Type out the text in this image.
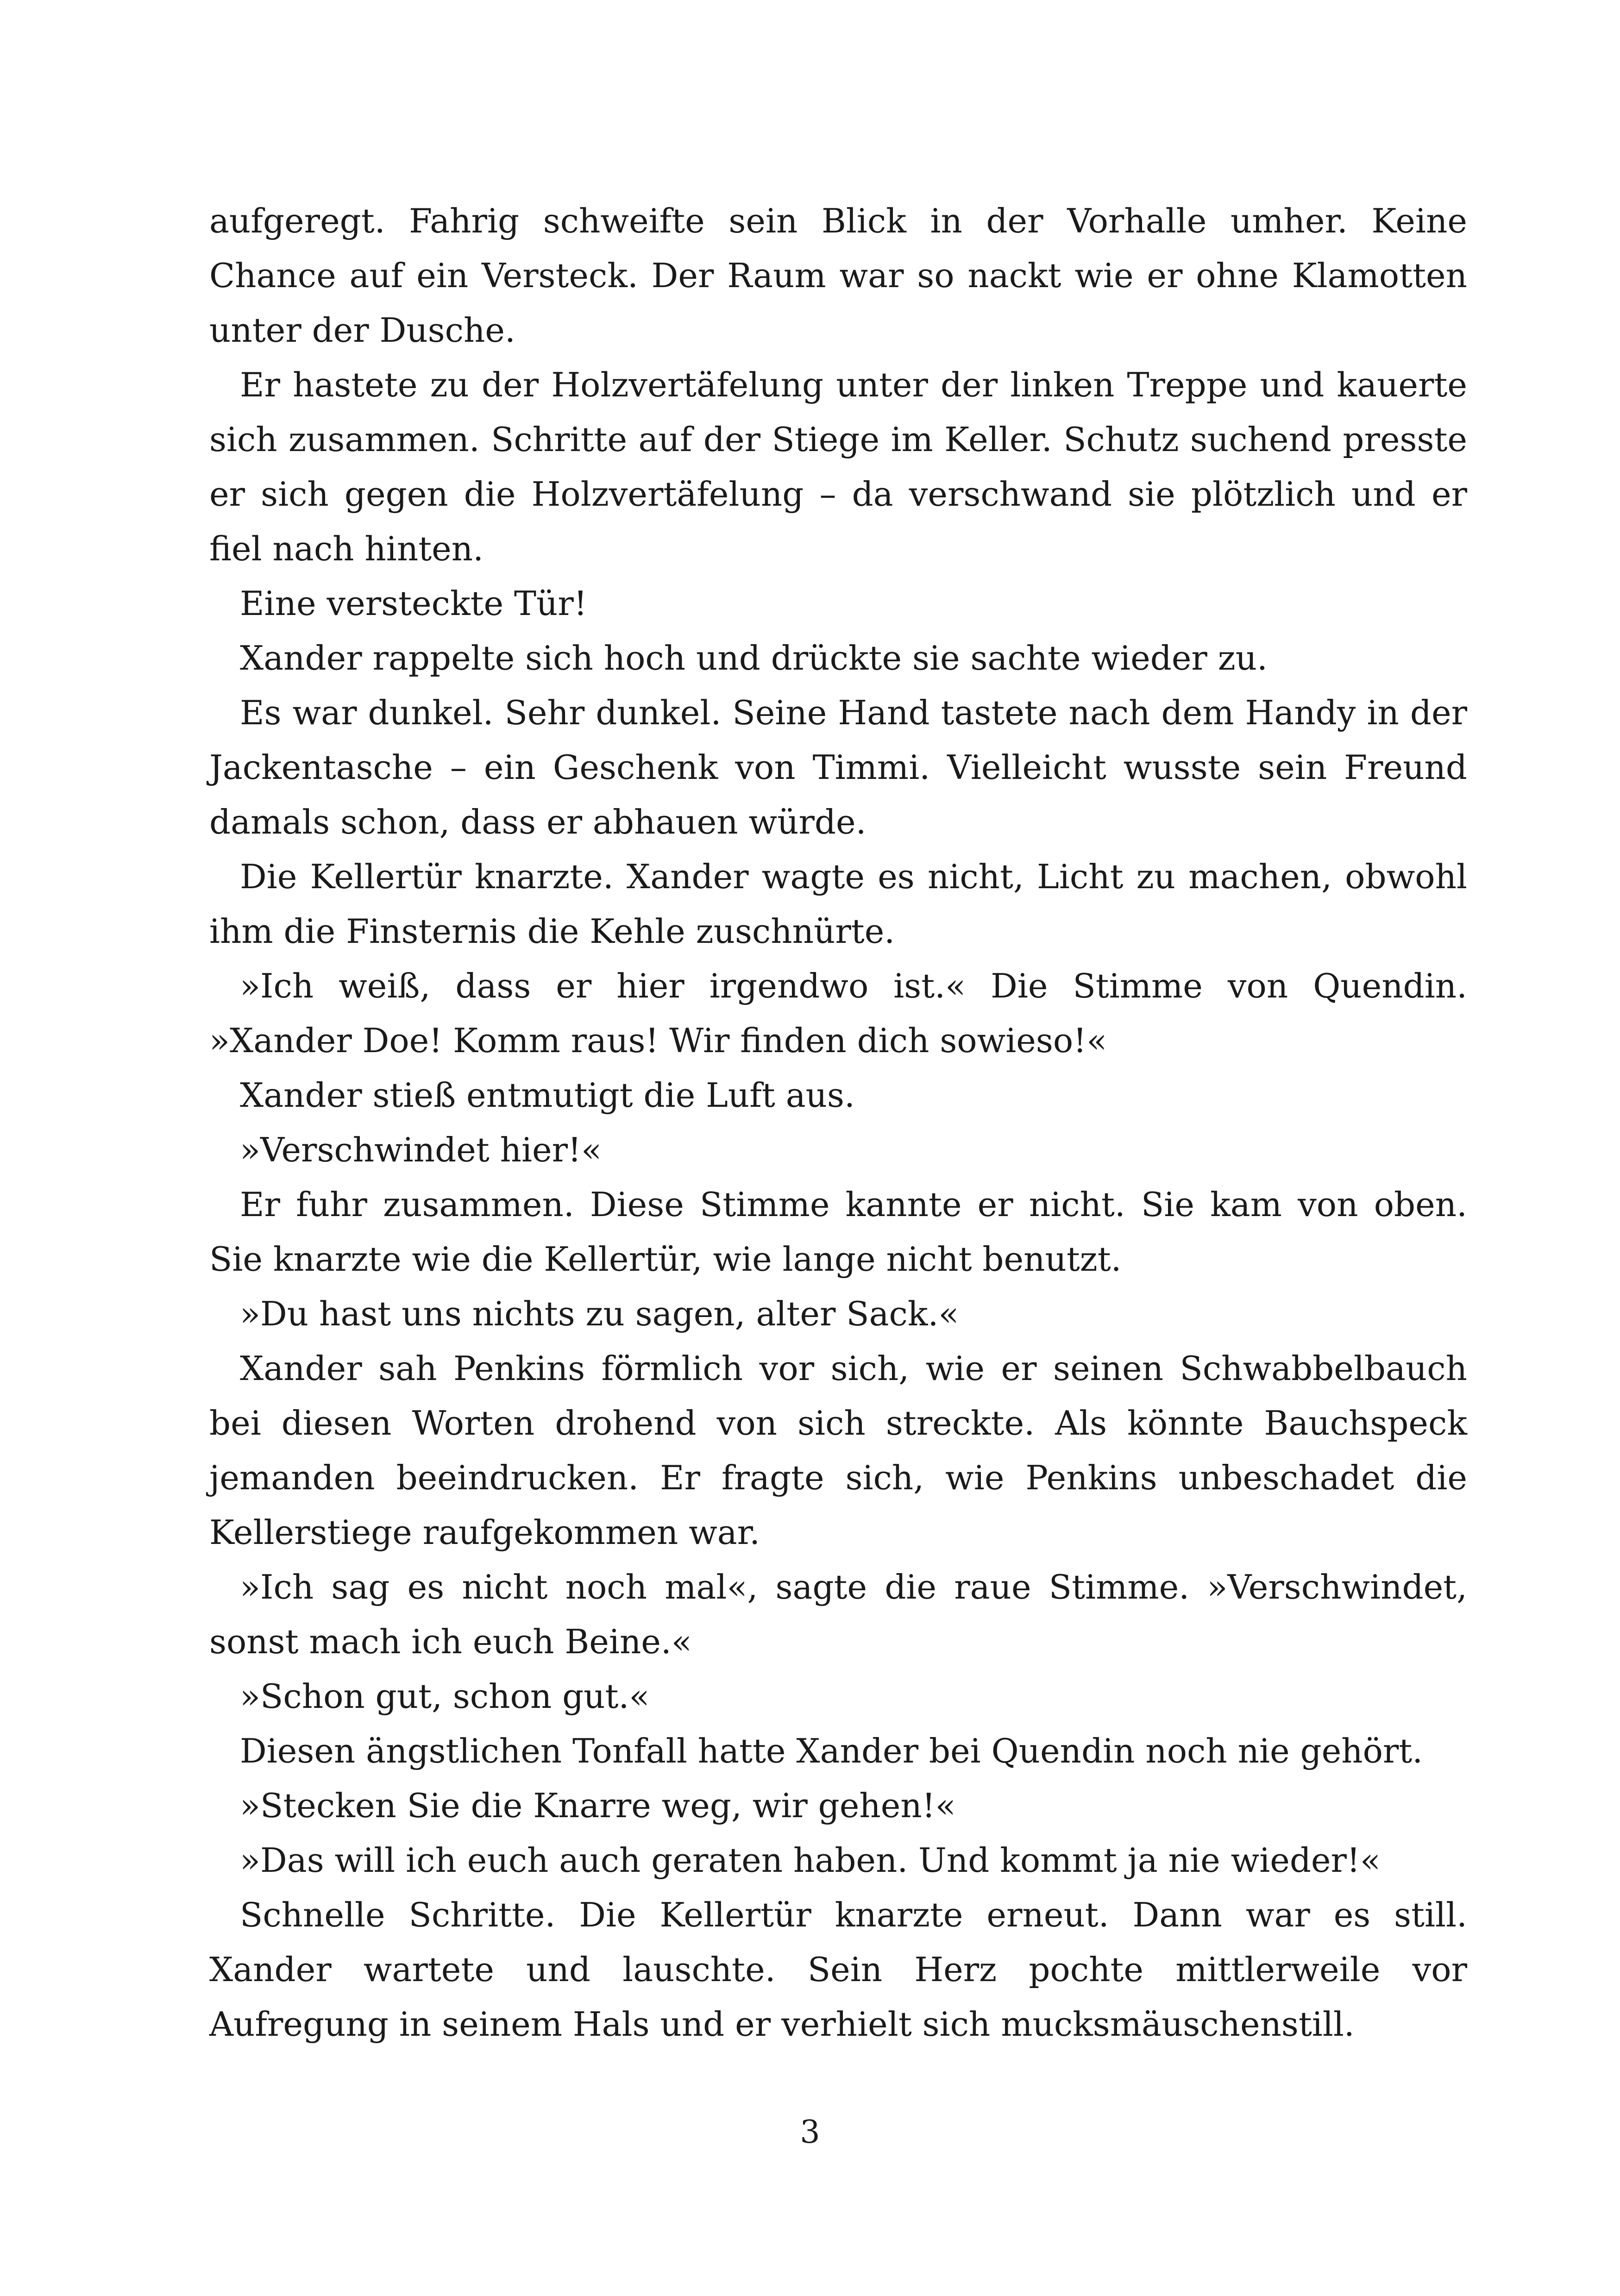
aufgeregt. Fahrig schweifte sein Blick in der Vorhalle umher. Keine Chance auf ein Versteck. Der Raum war so nackt wie er ohne Klamotten unter der Dusche.

Er hastete zu der Holzvertäfelung unter der linken Treppe und kauerte sich zusammen. Schritte auf der Stiege im Keller. Schutz suchend presste er sich gegen die Holzvertäfelung – da verschwand sie plötzlich und er fiel nach hinten.

Eine versteckte Tür!

Xander rappelte sich hoch und drückte sie sachte wieder zu.

Es war dunkel. Sehr dunkel. Seine Hand tastete nach dem Handy in der Jackentasche – ein Geschenk von Timmi. Vielleicht wusste sein Freund damals schon, dass er abhauen würde.

Die Kellertür knarzte. Xander wagte es nicht, Licht zu machen, obwohl ihm die Finsternis die Kehle zuschnürte.

»Ich weiß, dass er hier irgendwo ist.« Die Stimme von Quendin. »Xander Doe! Komm raus! Wir finden dich sowieso!«

Xander stieß entmutigt die Luft aus.

»Verschwindet hier!«

Er fuhr zusammen. Diese Stimme kannte er nicht. Sie kam von oben. Sie knarzte wie die Kellertür, wie lange nicht benutzt.

»Du hast uns nichts zu sagen, alter Sack.«

Xander sah Penkins förmlich vor sich, wie er seinen Schwabbelbauch bei diesen Worten drohend von sich streckte. Als könnte Bauchspeck jemanden beeindrucken. Er fragte sich, wie Penkins unbeschadet die Kellerstiege raufgekommen war.

»Ich sag es nicht noch mal«, sagte die raue Stimme. »Verschwindet, sonst mach ich euch Beine.«

»Schon gut, schon gut.«

Diesen ängstlichen Tonfall hatte Xander bei Quendin noch nie gehört.

»Stecken Sie die Knarre weg, wir gehen!«

»Das will ich euch auch geraten haben. Und kommt ja nie wieder!«

Schnelle Schritte. Die Kellertür knarzte erneut. Dann war es still. Xander wartete und lauschte. Sein Herz pochte mittlerweile vor Aufregung in seinem Hals und er verhielt sich mucksmäuschenstill.

3
